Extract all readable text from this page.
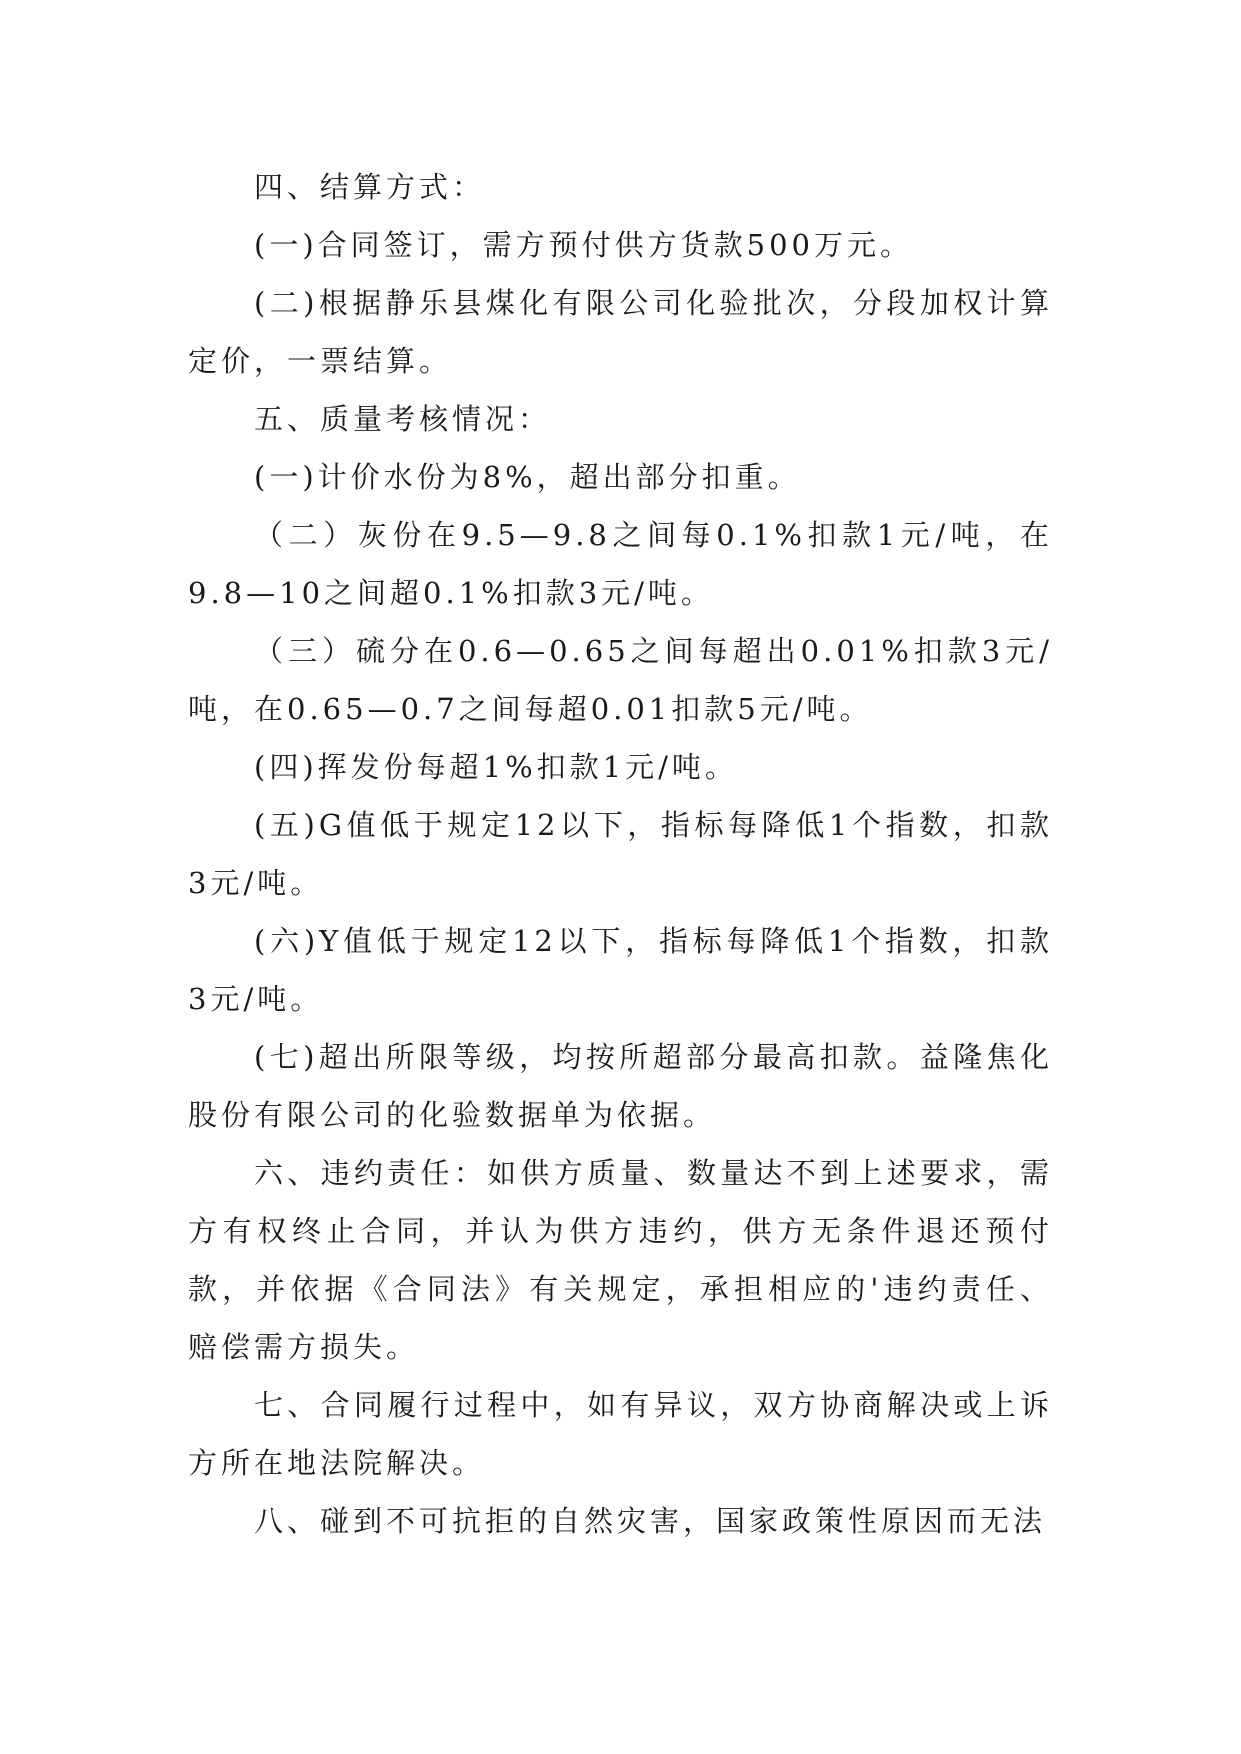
四、结算方式：

(一)合同签订，需方预付供方货款500万元。

(二)根据静乐县煤化有限公司化验批次，分段加权计算定价，一票结算。

五、质量考核情况：

(一)计价水份为8%，超出部分扣重。

（二）灰份在9.5—9.8之间每0.1%扣款1元/吨，在9.8—10之间超0.1%扣款3元/吨。

（三）硫分在0.6—0.65之间每超出0.01%扣款3元/吨，在0.65—0.7之间每超0.01扣款5元/吨。

(四)挥发份每超1%扣款1元/吨。

(五)G值低于规定12以下，指标每降低1个指数，扣款3元/吨。

(六)Y值低于规定12以下，指标每降低1个指数，扣款3元/吨。

(七)超出所限等级，均按所超部分最高扣款。益隆焦化股份有限公司的化验数据单为依据。

六、违约责任：如供方质量、数量达不到上述要求，需方有权终止合同，并认为供方违约，供方无条件退还预付款，并依据《合同法》有关规定，承担相应的'违约责任、赔偿需方损失。

七、合同履行过程中，如有异议，双方协商解决或上诉方所在地法院解决。

八、碰到不可抗拒的自然灾害，国家政策性原因而无法
